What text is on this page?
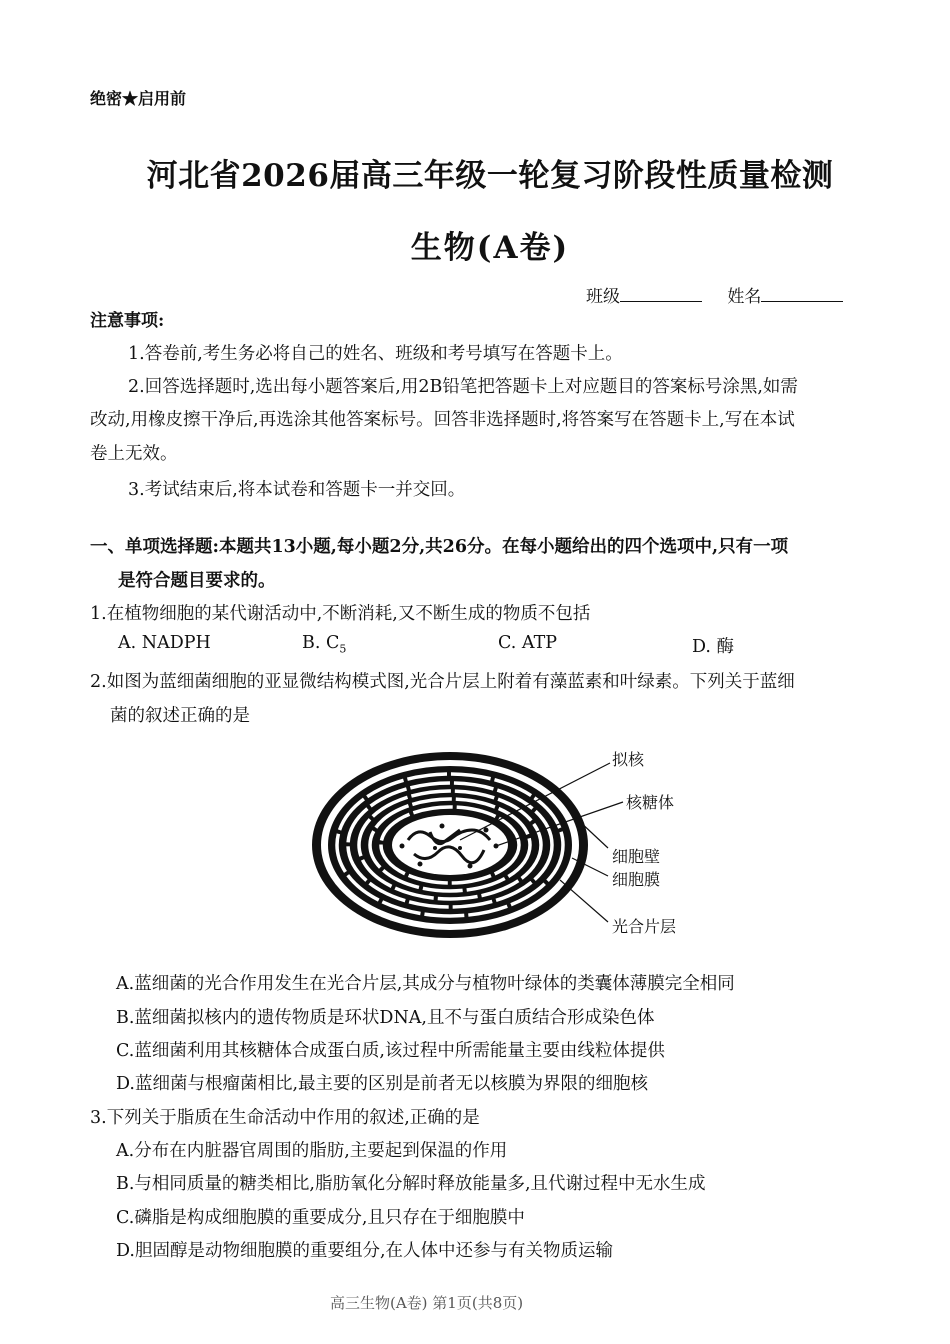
绝密★启用前
河北省2026届高三年级一轮复习阶段性质量检测
生物(A卷)
班级	姓名
注意事项:
1.答卷前,考生务必将自己的姓名、班级和考号填写在答题卡上。
2.回答选择题时,选出每小题答案后,用2B铅笔把答题卡上对应题目的答案标号涂黑,如需
改动,用橡皮擦干净后,再选涂其他答案标号。回答非选择题时,将答案写在答题卡上,写在本试
卷上无效。
3.考试结束后,将本试卷和答题卡一并交回。
一、单项选择题:本题共13小题,每小题2分,共26分。在每小题给出的四个选项中,只有一项
是符合题目要求的。
1.在植物细胞的某代谢活动中,不断消耗,又不断生成的物质不包括
A. NADPH	B. $C_5$	C. ATP	D. 酶
2.如图为蓝细菌细胞的亚显微结构模式图,光合片层上附着有藻蓝素和叶绿素。下列关于蓝细
菌的叙述正确的是
拟核
核糖体
细胞壁
细胞膜
光合片层
A.蓝细菌的光合作用发生在光合片层,其成分与植物叶绿体的类囊体薄膜完全相同
B.蓝细菌拟核内的遗传物质是环状DNA,且不与蛋白质结合形成染色体
C.蓝细菌利用其核糖体合成蛋白质,该过程中所需能量主要由线粒体提供
D.蓝细菌与根瘤菌相比,最主要的区别是前者无以核膜为界限的细胞核
3.下列关于脂质在生命活动中作用的叙述,正确的是
A.分布在内脏器官周围的脂肪,主要起到保温的作用
B.与相同质量的糖类相比,脂肪氧化分解时释放能量多,且代谢过程中无水生成
C.磷脂是构成细胞膜的重要成分,且只存在于细胞膜中
D.胆固醇是动物细胞膜的重要组分,在人体中还参与有关物质运输
高三生物(A卷) 第1页(共8页)
